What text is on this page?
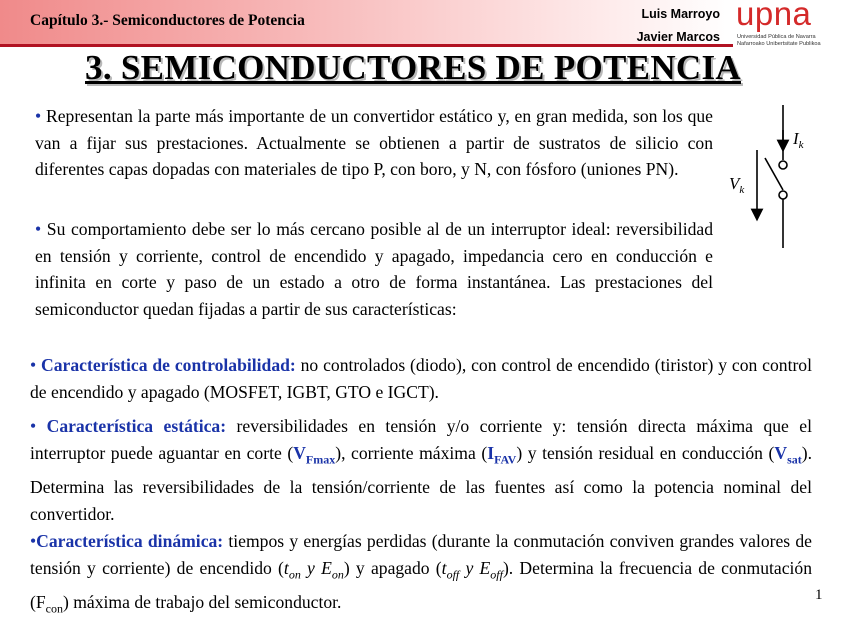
Capítulo 3.- Semiconductores de Potencia	Luis Marroyo
Javier Marcos
upna
Universidad Pública de Navarra
Nafarroako Unibertsitate Publikoa
3. SEMICONDUCTORES DE POTENCIA
• Representan la parte más importante de un convertidor estático y, en gran medida, son los que van a fijar sus prestaciones. Actualmente se obtienen a partir de sustratos de silicio con diferentes capas dopadas con materiales de tipo P, con boro, y N, con fósforo (uniones PN).
• Su comportamiento debe ser lo más cercano posible al de un interruptor ideal: reversibilidad en tensión y corriente, control de encendido y apagado, impedancia cero en conducción e infinita en corte y paso de un estado a otro de forma instantánea. Las prestaciones del semiconductor quedan fijadas a partir de sus características:
• Característica de controlabilidad: no controlados (diodo), con control de encendido (tiristor) y con control de encendido y apagado (MOSFET, IGBT, GTO e IGCT).
• Característica estática: reversibilidades en tensión y/o corriente y: tensión directa máxima que el interruptor puede aguantar en corte $(V_{Fmax})$, corriente máxima $(I_{FAV})$ y tensión residual en conducción $(V_{sat})$. Determina las reversibilidades de la tensión/corriente de las fuentes así como la potencia nominal del convertidor.
•Característica dinámica: tiempos y energías perdidas (durante la conmutación conviven grandes valores de tensión y corriente) de encendido ($t_{on}$ y $E_{on}$) y apagado ($t_{off}$ y $E_{off}$). Determina la frecuencia de conmutación $(F_{con})$ máxima de trabajo del semiconductor.
$I_k$
$V_k$
1
